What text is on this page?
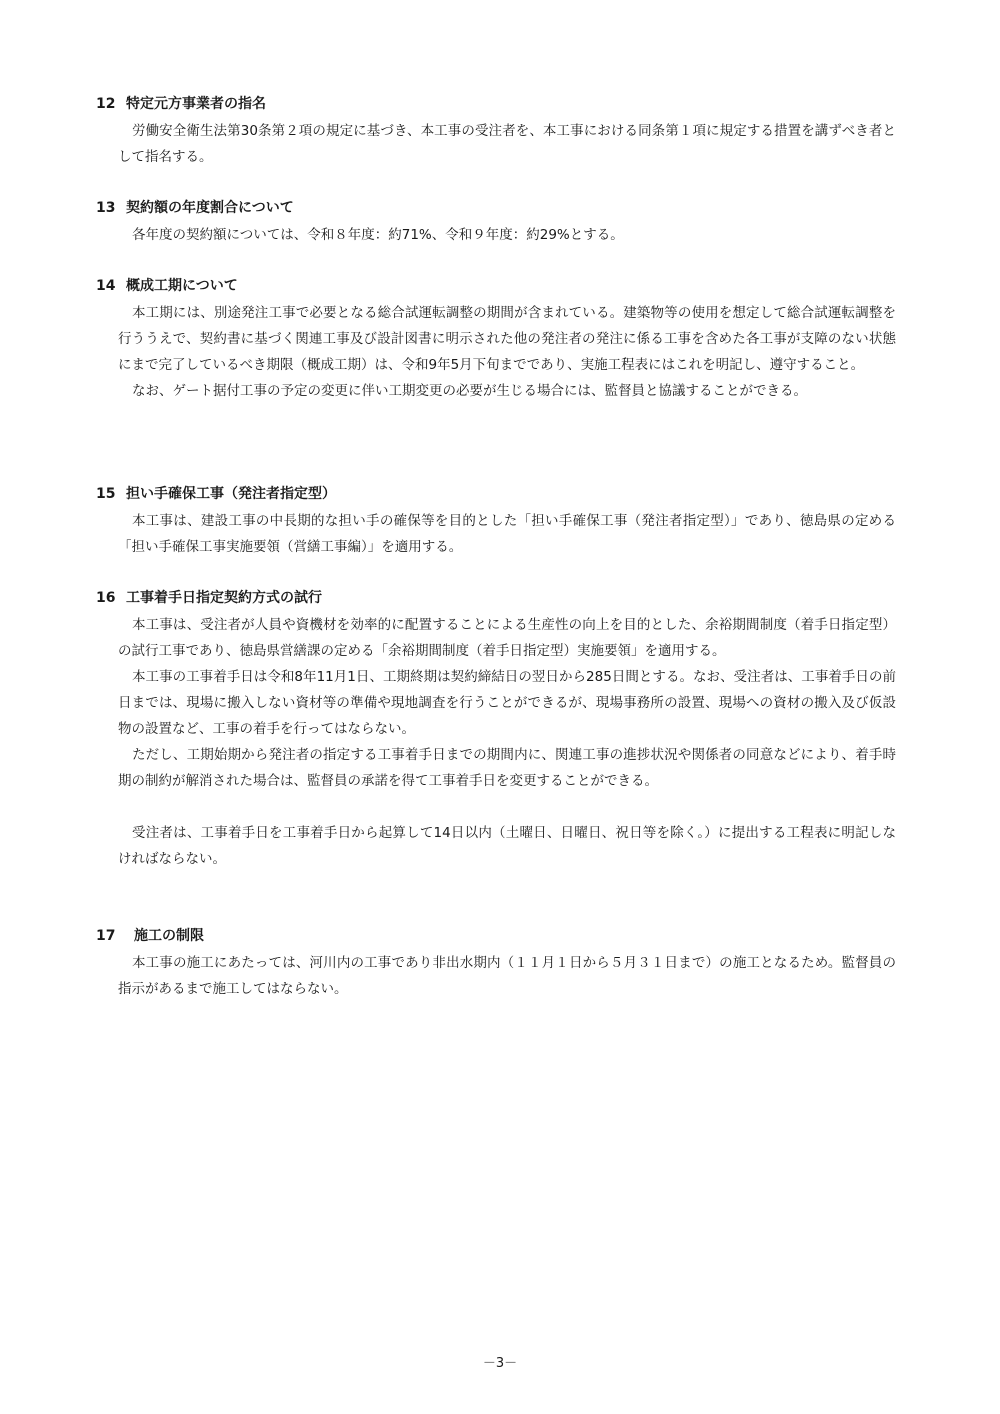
12 特定元方事業者の指名
労働安全衛生法第30条第２項の規定に基づき、本工事の受注者を、本工事における同条第１項に規定する措置を講ずべき者として指名する。
13 契約額の年度割合について
各年度の契約額については、令和８年度：約71%、令和９年度：約29%とする。
14 概成工期について
本工期には、別途発注工事で必要となる総合試運転調整の期間が含まれている。建築物等の使用を想定して総合試運転調整を行ううえで、契約書に基づく関連工事及び設計図書に明示された他の発注者の発注に係る工事を含めた各工事が支障のない状態にまで完了しているべき期限（概成工期）は、令和9年5月下旬までであり、実施工程表にはこれを明記し、遵守すること。
なお、ゲート据付工事の予定の変更に伴い工期変更の必要が生じる場合には、監督員と協議することができる。
15 担い手確保工事（発注者指定型）
本工事は、建設工事の中長期的な担い手の確保等を目的とした「担い手確保工事（発注者指定型）」であり、徳島県の定める「担い手確保工事実施要領（営繕工事編）」を適用する。
16 工事着手日指定契約方式の試行
本工事は、受注者が人員や資機材を効率的に配置することによる生産性の向上を目的とした、余裕期間制度（着手日指定型）の試行工事であり、徳島県営繕課の定める「余裕期間制度（着手日指定型）実施要領」を適用する。
本工事の工事着手日は令和8年11月1日、工期終期は契約締結日の翌日から285日間とする。なお、受注者は、工事着手日の前日までは、現場に搬入しない資材等の準備や現地調査を行うことができるが、現場事務所の設置、現場への資材の搬入及び仮設物の設置など、工事の着手を行ってはならない。
ただし、工期始期から発注者の指定する工事着手日までの期間内に、関連工事の進捗状況や関係者の同意などにより、着手時期の制約が解消された場合は、監督員の承諾を得て工事着手日を変更することができる。
受注者は、工事着手日を工事着手日から起算して14日以内（土曜日、日曜日、祝日等を除く。）に提出する工程表に明記しなければならない。
17	施工の制限
本工事の施工にあたっては、河川内の工事であり非出水期内（１１月１日から５月３１日まで）の施工となるため。監督員の指示があるまで施工してはならない。
－3－
